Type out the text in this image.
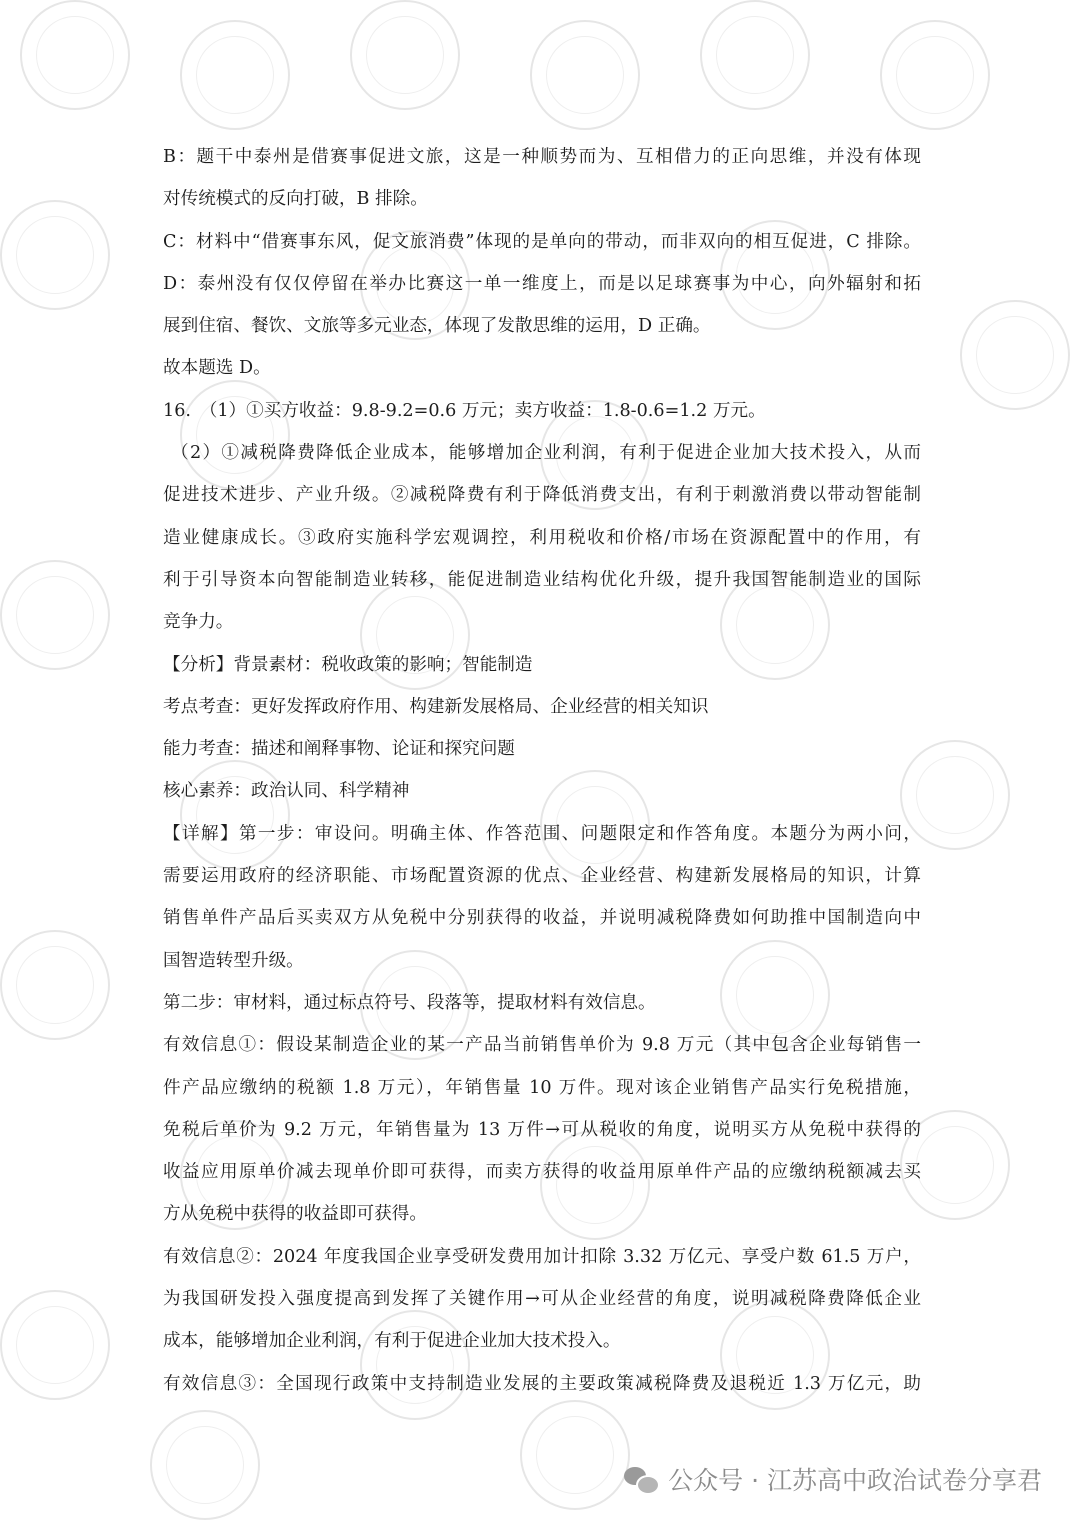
B：题干中泰州是借赛事促进文旅，这是一种顺势而为、互相借力的正向思维，并没有体现

对传统模式的反向打破，B 排除。

C：材料中“借赛事东风，促文旅消费”体现的是单向的带动，而非双向的相互促进，C 排除。

D：泰州没有仅仅停留在举办比赛这一单一维度上，而是以足球赛事为中心，向外辐射和拓

展到住宿、餐饮、文旅等多元业态，体现了发散思维的运用，D 正确。

故本题选 D。

16.　（1）①买方收益：9.8-9.2=0.6 万元；卖方收益：1.8-0.6=1.2 万元。

（2）①减税降费降低企业成本，能够增加企业利润，有利于促进企业加大技术投入，从而

促进技术进步、产业升级。②减税降费有利于降低消费支出，有利于刺激消费以带动智能制

造业健康成长。③政府实施科学宏观调控，利用税收和价格/市场在资源配置中的作用，有

利于引导资本向智能制造业转移，能促进制造业结构优化升级，提升我国智能制造业的国际

竞争力。

【分析】背景素材：税收政策的影响；智能制造

考点考查：更好发挥政府作用、构建新发展格局、企业经营的相关知识

能力考查：描述和阐释事物、论证和探究问题

核心素养：政治认同、科学精神

【详解】第一步：审设问。明确主体、作答范围、问题限定和作答角度。本题分为两小问，

需要运用政府的经济职能、市场配置资源的优点、企业经营、构建新发展格局的知识，计算

销售单件产品后买卖双方从免税中分别获得的收益，并说明减税降费如何助推中国制造向中

国智造转型升级。

第二步：审材料，通过标点符号、段落等，提取材料有效信息。

有效信息①：假设某制造企业的某一产品当前销售单价为 9.8 万元（其中包含企业每销售一

件产品应缴纳的税额 1.8 万元），年销售量 10 万件。现对该企业销售产品实行免税措施，

免税后单价为 9.2 万元，年销售量为 13 万件→可从税收的角度，说明买方从免税中获得的

收益应用原单价减去现单价即可获得，而卖方获得的收益用原单件产品的应缴纳税额减去买

方从免税中获得的收益即可获得。

有效信息②：2024 年度我国企业享受研发费用加计扣除 3.32 万亿元、享受户数 61.5 万户，

为我国研发投入强度提高到发挥了关键作用→可从企业经营的角度，说明减税降费降低企业

成本，能够增加企业利润，有利于促进企业加大技术投入。

有效信息③：全国现行政策中支持制造业发展的主要政策减税降费及退税近 1.3 万亿元，助

公众号 · 江苏高中政治试卷分享君
